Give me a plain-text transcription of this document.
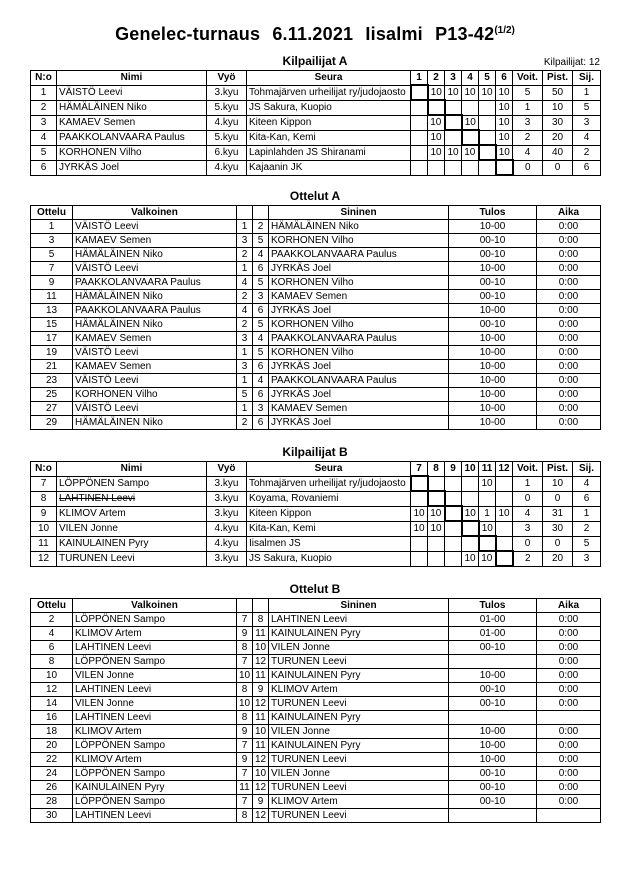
Genelec-turnaus 6.11.2021 Iisalmi $P13-42^{(1/2)}$
Kilpailijat A	Kilpailijat: 12
N:o	Nimi	Vyö	Seura	1	2	3	4	5	6	Voit.	Pist.	Sij.
1	VÄISTÖ Leevi	3.kyu	Tohmajärven urheilijat ry/judojaosto		10	10	10	10	10	5	50	1
2	HÄMÄLÄINEN Niko	5.kyu	JS Sakura, Kuopio						10	1	10	5
3	KAMAEV Semen	4.kyu	Kiteen Kippon		10		10		10	3	30	3
4	PAAKKOLANVAARA Paulus	5.kyu	Kita-Kan, Kemi		10				10	2	20	4
5	KORHONEN Vilho	6.kyu	Lapinlahden JS Shiranami		10	10	10		10	4	40	2
6	JYRKÄS Joel	4.kyu	Kajaanin JK							0	0	6
Ottelut A
Ottelu	Valkoinen			Sininen	Tulos	Aika
1	VÄISTÖ Leevi	1	2	HÄMÄLÄINEN Niko	10-00	0:00
3	KAMAEV Semen	3	5	KORHONEN Vilho	00-10	0:00
5	HÄMÄLÄINEN Niko	2	4	PAAKKOLANVAARA Paulus	00-10	0:00
7	VÄISTÖ Leevi	1	6	JYRKÄS Joel	10-00	0:00
9	PAAKKOLANVAARA Paulus	4	5	KORHONEN Vilho	00-10	0:00
11	HÄMÄLÄINEN Niko	2	3	KAMAEV Semen	00-10	0:00
13	PAAKKOLANVAARA Paulus	4	6	JYRKÄS Joel	10-00	0:00
15	HÄMÄLÄINEN Niko	2	5	KORHONEN Vilho	00-10	0:00
17	KAMAEV Semen	3	4	PAAKKOLANVAARA Paulus	10-00	0:00
19	VÄISTÖ Leevi	1	5	KORHONEN Vilho	10-00	0:00
21	KAMAEV Semen	3	6	JYRKÄS Joel	10-00	0:00
23	VÄISTÖ Leevi	1	4	PAAKKOLANVAARA Paulus	10-00	0:00
25	KORHONEN Vilho	5	6	JYRKÄS Joel	10-00	0:00
27	VÄISTÖ Leevi	1	3	KAMAEV Semen	10-00	0:00
29	HÄMÄLÄINEN Niko	2	6	JYRKÄS Joel	10-00	0:00
Kilpailijat B
N:o	Nimi	Vyö	Seura	7	8	9	10	11	12	Voit.	Pist.	Sij.
7	LÖPPÖNEN Sampo	3.kyu	Tohmajärven urheilijat ry/judojaosto					10		1	10	4
8	LAHTINEN Leevi	3.kyu	Koyama, Rovaniemi							0	0	6
9	KLIMOV Artem	3.kyu	Kiteen Kippon	10	10		10	1	10	4	31	1
10	VILEN Jonne	4.kyu	Kita-Kan, Kemi	10	10			10		3	30	2
11	KAINULAINEN Pyry	4.kyu	Iisalmen JS							0	0	5
12	TURUNEN Leevi	3.kyu	JS Sakura, Kuopio				10	10		2	20	3
Ottelut B
Ottelu	Valkoinen			Sininen	Tulos	Aika
2	LÖPPÖNEN Sampo	7	8	LAHTINEN Leevi	01-00	0:00
4	KLIMOV Artem	9	11	KAINULAINEN Pyry	01-00	0:00
6	LAHTINEN Leevi	8	10	VILEN Jonne	00-10	0:00
8	LÖPPÖNEN Sampo	7	12	TURUNEN Leevi		0:00
10	VILEN Jonne	10	11	KAINULAINEN Pyry	10-00	0:00
12	LAHTINEN Leevi	8	9	KLIMOV Artem	00-10	0:00
14	VILEN Jonne	10	12	TURUNEN Leevi	00-10	0:00
16	LAHTINEN Leevi	8	11	KAINULAINEN Pyry		
18	KLIMOV Artem	9	10	VILEN Jonne	10-00	0:00
20	LÖPPÖNEN Sampo	7	11	KAINULAINEN Pyry	10-00	0:00
22	KLIMOV Artem	9	12	TURUNEN Leevi	10-00	0:00
24	LÖPPÖNEN Sampo	7	10	VILEN Jonne	00-10	0:00
26	KAINULAINEN Pyry	11	12	TURUNEN Leevi	00-10	0:00
28	LÖPPÖNEN Sampo	7	9	KLIMOV Artem	00-10	0:00
30	LAHTINEN Leevi	8	12	TURUNEN Leevi		
